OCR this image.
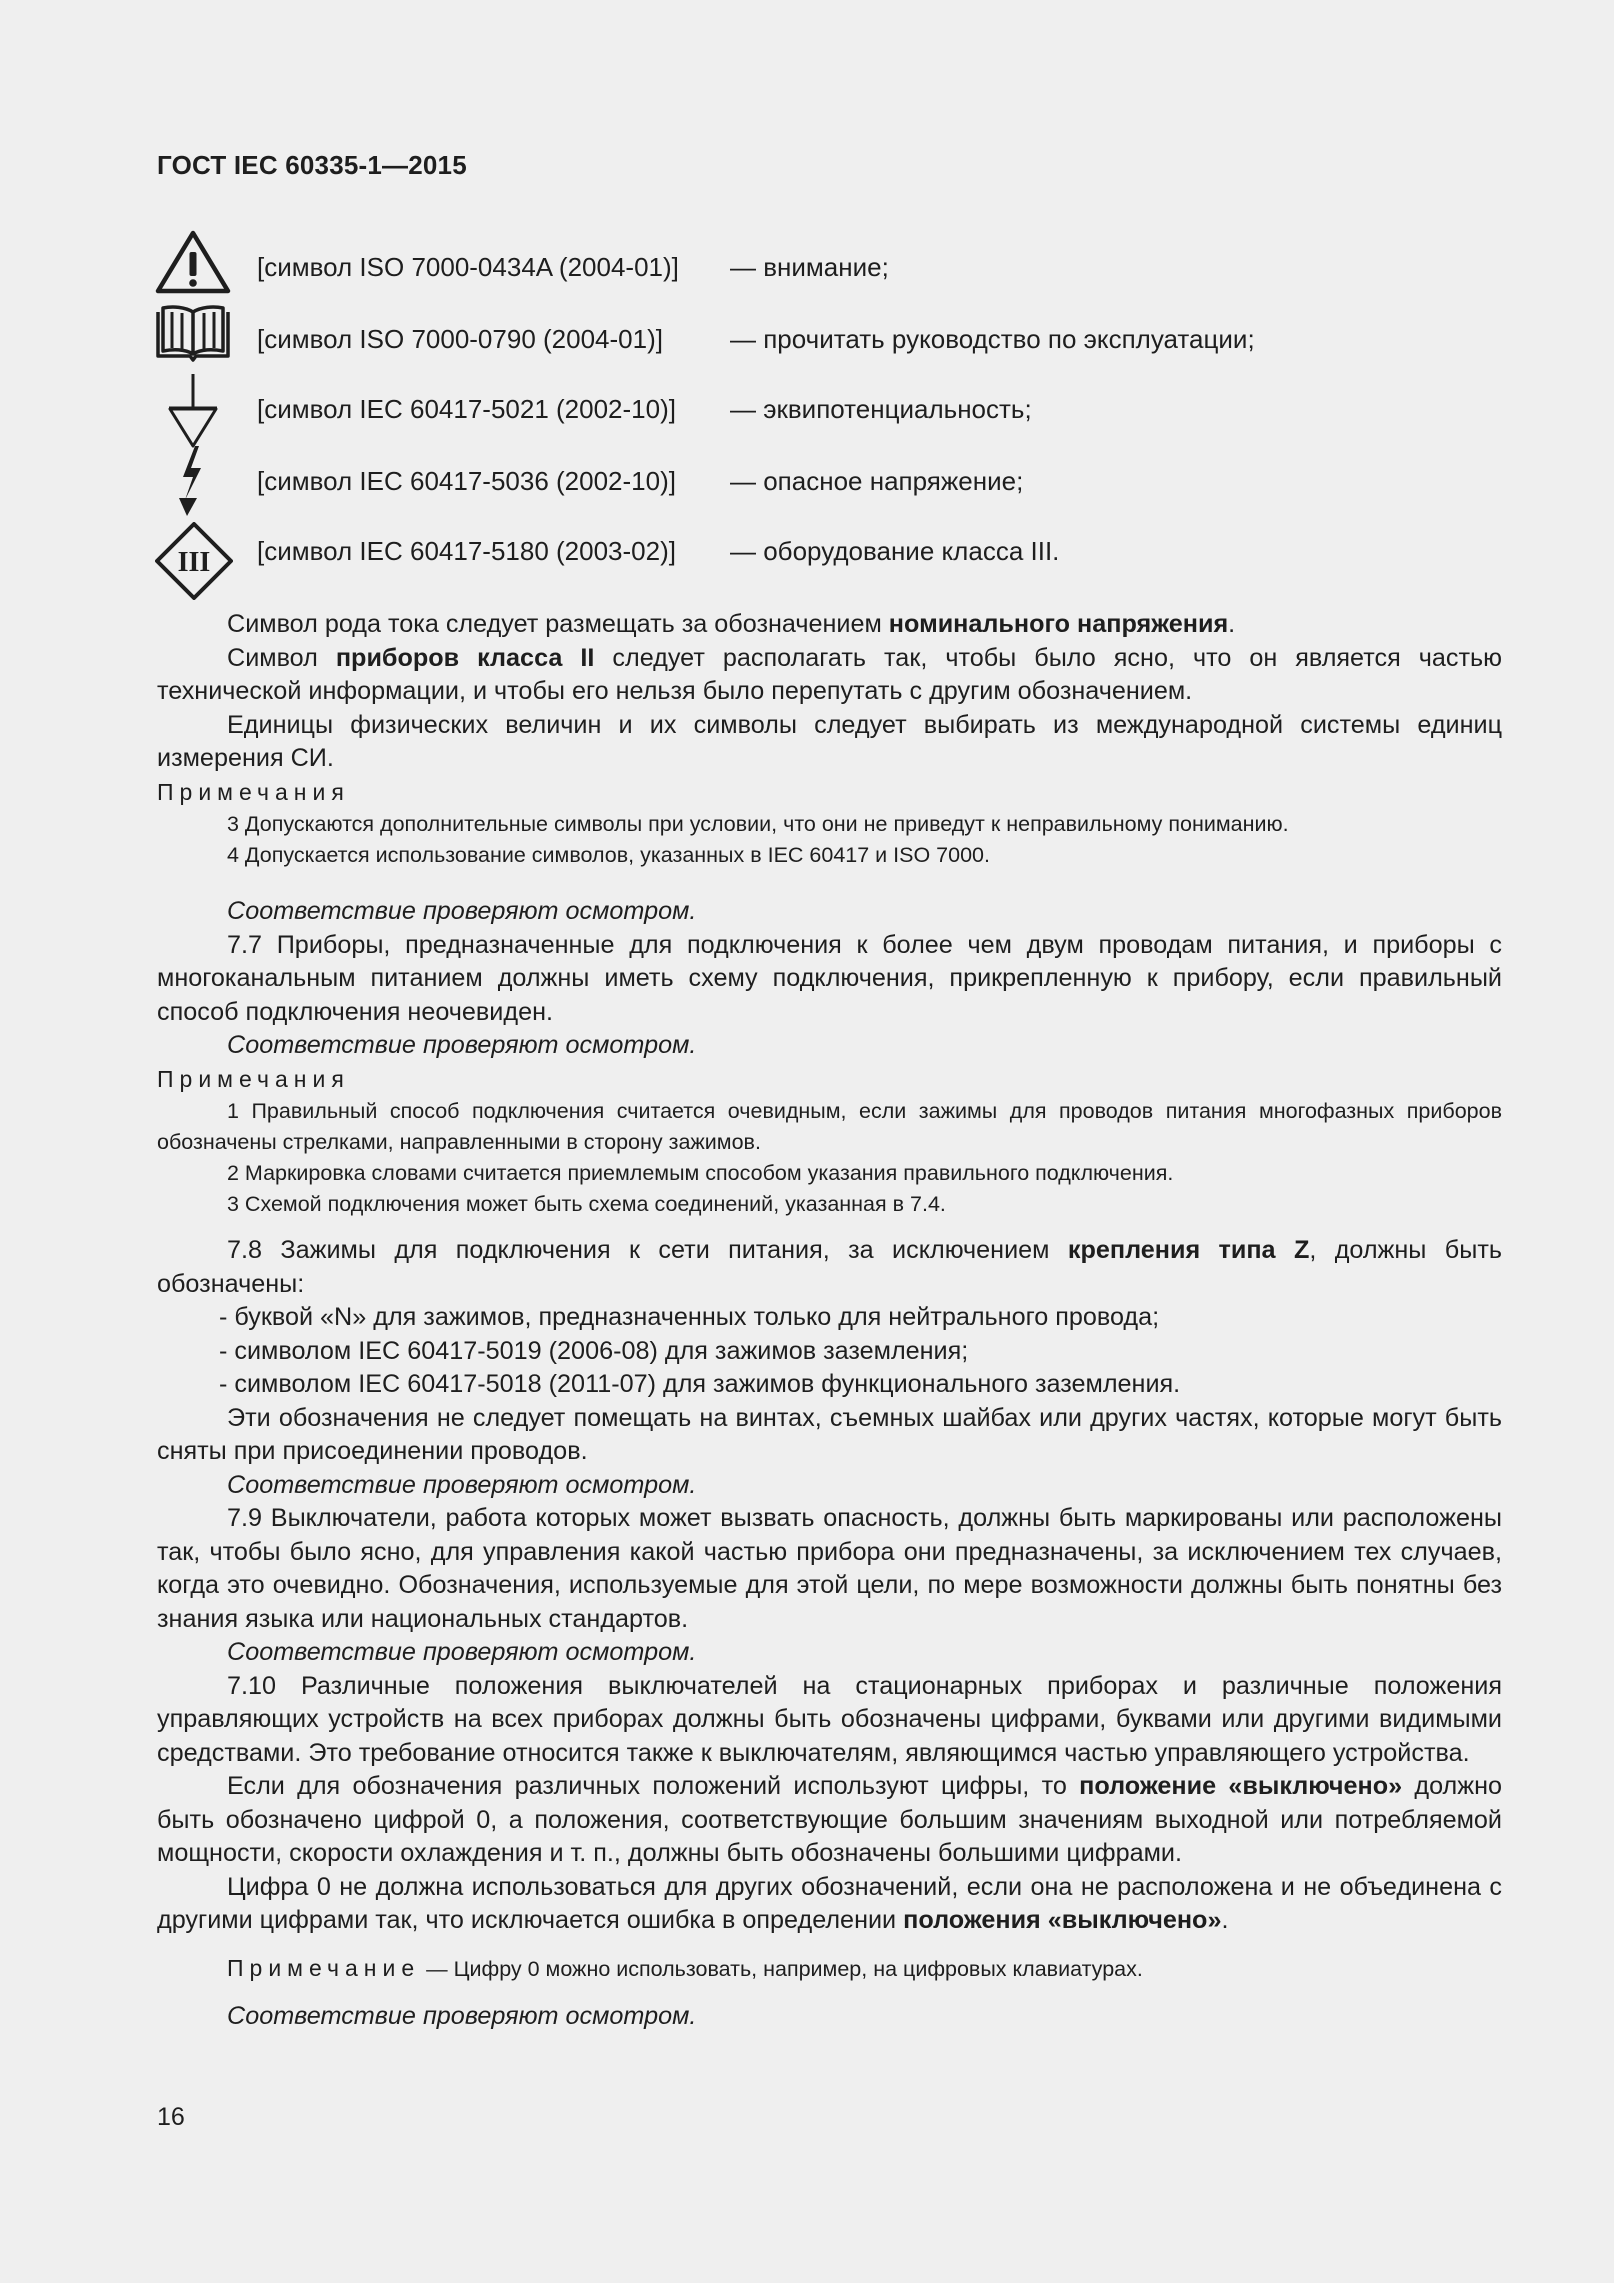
ГОСТ IEC 60335-1—2015
[символ ISO 7000-0434A (2004-01)] — внимание;
[символ ISO 7000-0790 (2004-01)]	— прочитать руководство по эксплуатации;
[символ IEC 60417-5021 (2002-10)] — эквипотенциальность;
[символ IEC 60417-5036 (2002-10)] — опасное напряжение;
III [символ IEC 60417-5180 (2003-02)] — оборудование класса III.

Символ рода тока следует размещать за обозначением номинального напряжения.

Символ приборов класса II следует располагать так, чтобы было ясно, что он является частью технической информации, и чтобы его нельзя было перепутать с другим обозначением.

Единицы физических величин и их символы следует выбирать из международной системы единиц измерения СИ.

Примечания

3 Допускаются дополнительные символы при условии, что они не приведут к неправильному пониманию.

4 Допускается использование символов, указанных в IEC 60417 и ISO 7000.

Соответствие проверяют осмотром.

7.7 Приборы, предназначенные для подключения к более чем двум проводам питания, и приборы с многоканальным питанием должны иметь схему подключения, прикрепленную к прибору, если правильный способ подключения неочевиден.

Соответствие проверяют осмотром.

Примечания

1 Правильный способ подключения считается очевидным, если зажимы для проводов питания многофазных приборов обозначены стрелками, направленными в сторону зажимов.

2 Маркировка словами считается приемлемым способом указания правильного подключения.

3 Схемой подключения может быть схема соединений, указанная в 7.4.

7.8 Зажимы для подключения к сети питания, за исключением крепления типа Z, должны быть обозначены:

- буквой «N» для зажимов, предназначенных только для нейтрального провода;

- символом IEC 60417-5019 (2006-08) для зажимов заземления;

- символом IEC 60417-5018 (2011-07) для зажимов функционального заземления.

Эти обозначения не следует помещать на винтах, съемных шайбах или других частях, которые могут быть сняты при присоединении проводов.

Соответствие проверяют осмотром.

7.9 Выключатели, работа которых может вызвать опасность, должны быть маркированы или расположены так, чтобы было ясно, для управления какой частью прибора они предназначены, за исключением тех случаев, когда это очевидно. Обозначения, используемые для этой цели, по мере возможности должны быть понятны без знания языка или национальных стандартов.

Соответствие проверяют осмотром.

7.10 Различные положения выключателей на стационарных приборах и различные положения управляющих устройств на всех приборах должны быть обозначены цифрами, буквами или другими видимыми средствами. Это требование относится также к выключателям, являющимся частью управляющего устройства.

Если для обозначения различных положений используют цифры, то положение «выключено» должно быть обозначено цифрой 0, а положения, соответствующие большим значениям выходной или потребляемой мощности, скорости охлаждения и т. п., должны быть обозначены большими цифрами.

Цифра 0 не должна использоваться для других обозначений, если она не расположена и не объединена с другими цифрами так, что исключается ошибка в определении положения «выключено».

Примечание — Цифру 0 можно использовать, например, на цифровых клавиатурах.

Соответствие проверяют осмотром.

16
